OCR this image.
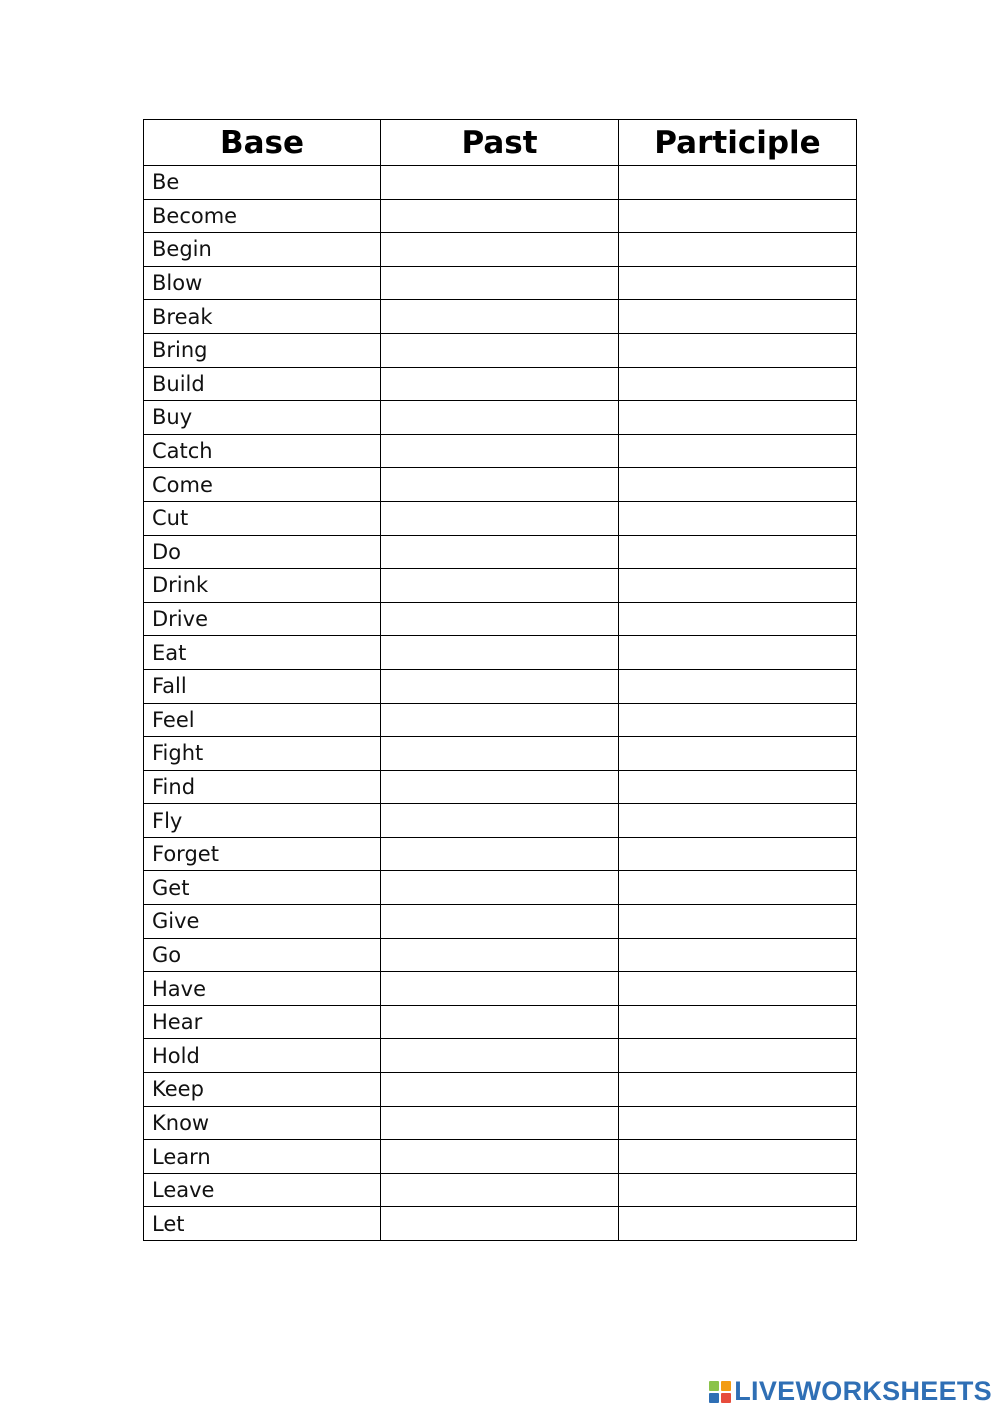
Base	Past	Participle
Be		
Become		
Begin		
Blow		
Break		
Bring		
Build		
Buy		
Catch		
Come		
Cut		
Do		
Drink		
Drive		
Eat		
Fall		
Feel		
Fight		
Find		
Fly		
Forget		
Get		
Give		
Go		
Have		
Hear		
Hold		
Keep		
Know		
Learn		
Leave		
Let		
LIVEWORKSHEETS
